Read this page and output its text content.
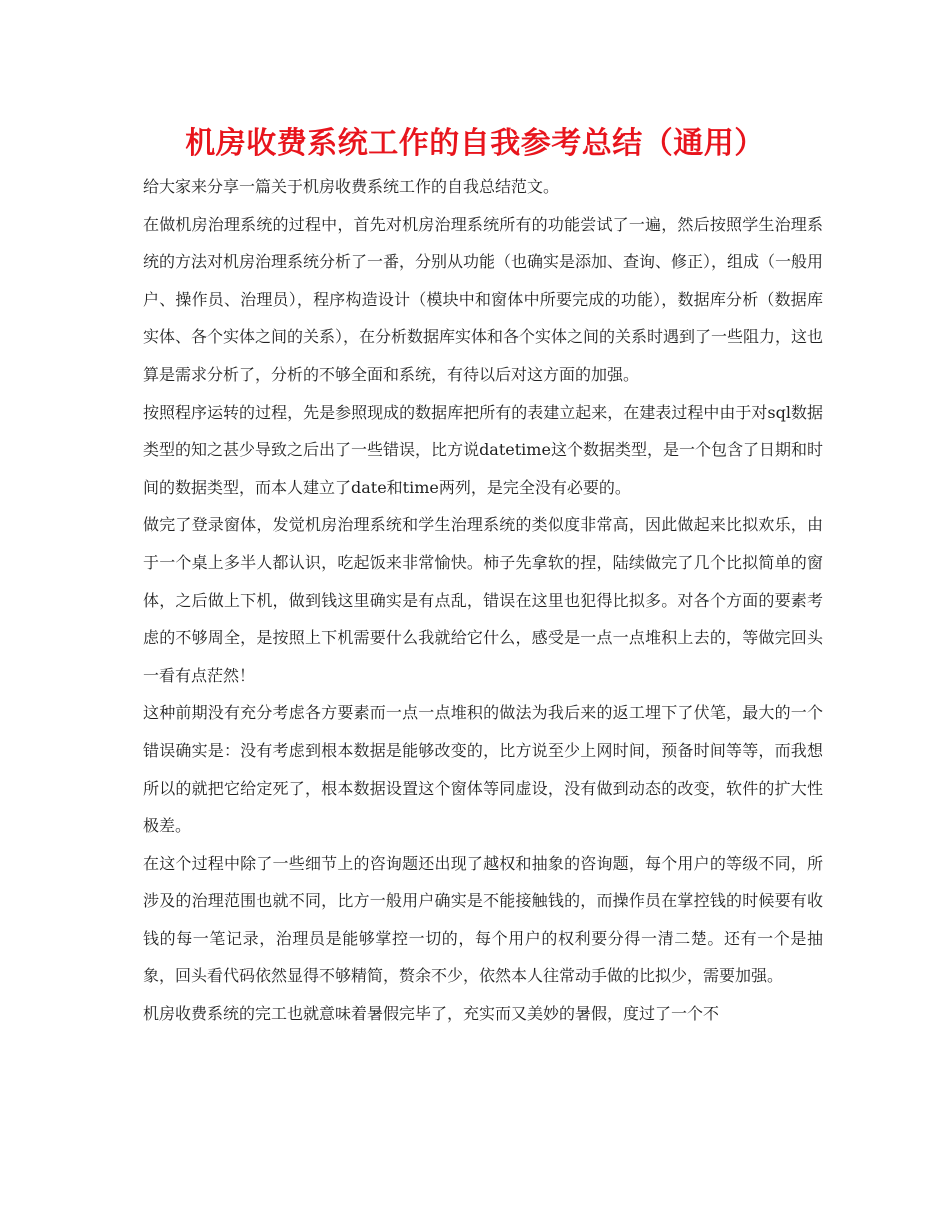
机房收费系统工作的自我参考总结（通用）

给大家来分享一篇关于机房收费系统工作的自我总结范文。

在做机房治理系统的过程中，首先对机房治理系统所有的功能尝试了一遍，然后按照学生治理系统的方法对机房治理系统分析了一番，分别从功能（也确实是添加、查询、修正），组成（一般用户、操作员、治理员），程序构造设计（模块中和窗体中所要完成的功能），数据库分析（数据库实体、各个实体之间的关系），在分析数据库实体和各个实体之间的关系时遇到了一些阻力，这也算是需求分析了，分析的不够全面和系统，有待以后对这方面的加强。

按照程序运转的过程，先是参照现成的数据库把所有的表建立起来，在建表过程中由于对sql数据类型的知之甚少导致之后出了一些错误，比方说datetime这个数据类型，是一个包含了日期和时间的数据类型，而本人建立了date和time两列，是完全没有必要的。

做完了登录窗体，发觉机房治理系统和学生治理系统的类似度非常高，因此做起来比拟欢乐，由于一个桌上多半人都认识，吃起饭来非常愉快。柿子先拿软的捏，陆续做完了几个比拟简单的窗体，之后做上下机，做到钱这里确实是有点乱，错误在这里也犯得比拟多。对各个方面的要素考虑的不够周全，是按照上下机需要什么我就给它什么，感受是一点一点堆积上去的，等做完回头一看有点茫然！

这种前期没有充分考虑各方要素而一点一点堆积的做法为我后来的返工埋下了伏笔，最大的一个错误确实是：没有考虑到根本数据是能够改变的，比方说至少上网时间，预备时间等等，而我想所以的就把它给定死了，根本数据设置这个窗体等同虚设，没有做到动态的改变，软件的扩大性极差。

在这个过程中除了一些细节上的咨询题还出现了越权和抽象的咨询题，每个用户的等级不同，所涉及的治理范围也就不同，比方一般用户确实是不能接触钱的，而操作员在掌控钱的时候要有收钱的每一笔记录，治理员是能够掌控一切的，每个用户的权利要分得一清二楚。还有一个是抽象，回头看代码依然显得不够精简，赘余不少，依然本人往常动手做的比拟少，需要加强。

机房收费系统的完工也就意味着暑假完毕了，充实而又美妙的暑假，度过了一个不
